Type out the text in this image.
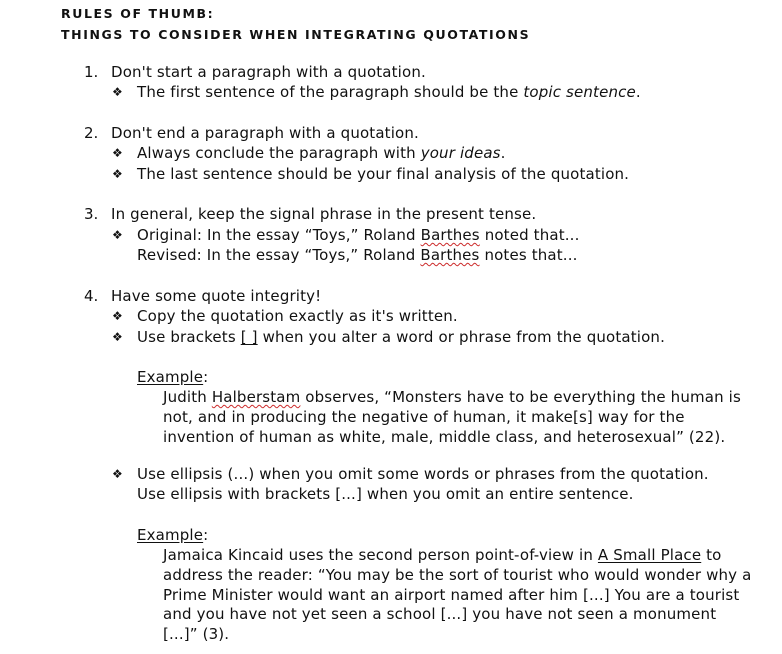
RULES OF THUMB:
THINGS TO CONSIDER WHEN INTEGRATING QUOTATIONS
1. Don't start a paragraph with a quotation.
❖ The first sentence of the paragraph should be the topic sentence.
2. Don't end a paragraph with a quotation.
❖ Always conclude the paragraph with your ideas.
❖ The last sentence should be your final analysis of the quotation.
3. In general, keep the signal phrase in the present tense.
❖ Original: In the essay “Toys,” Roland Barthes noted that...
Revised: In the essay “Toys,” Roland Barthes notes that...
4. Have some quote integrity!
❖ Copy the quotation exactly as it's written.
❖ Use brackets [ ] when you alter a word or phrase from the quotation.
Example:
Judith Halberstam observes, “Monsters have to be everything the human is
not, and in producing the negative of human, it make[s] way for the
invention of human as white, male, middle class, and heterosexual” (22).
❖ Use ellipsis (...) when you omit some words or phrases from the quotation.
Use ellipsis with brackets [...] when you omit an entire sentence.
Example:
Jamaica Kincaid uses the second person point-of-view in A Small Place to
address the reader: “You may be the sort of tourist who would wonder why a
Prime Minister would want an airport named after him [...] You are a tourist
and you have not yet seen a school [...] you have not seen a monument
[...]” (3).
